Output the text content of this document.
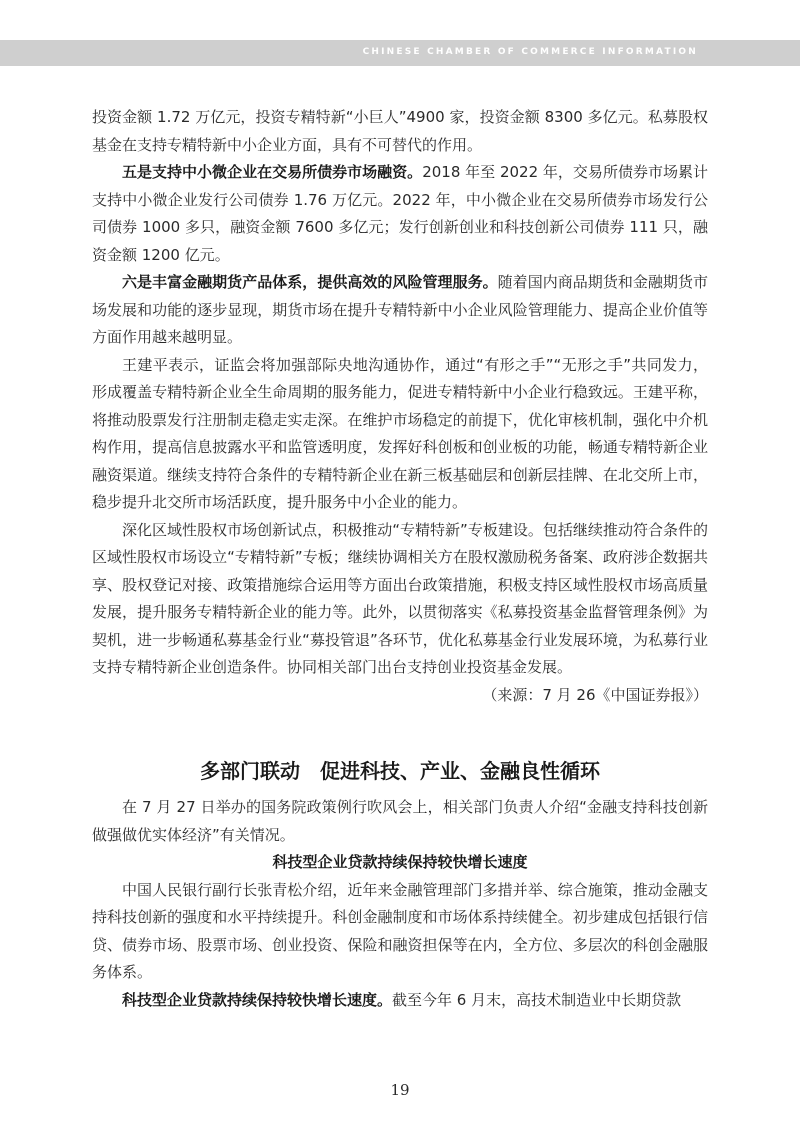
CHINESE CHAMBER OF COMMERCE INFORMATION

投资金额 1.72 万亿元，投资专精特新“小巨人”4900 家，投资金额 8300 多亿元。私募股权基金在支持专精特新中小企业方面，具有不可替代的作用。

五是支持中小微企业在交易所债券市场融资。2018 年至 2022 年，交易所债券市场累计支持中小微企业发行公司债券 1.76 万亿元。2022 年，中小微企业在交易所债券市场发行公司债券 1000 多只，融资金额 7600 多亿元；发行创新创业和科技创新公司债券 111 只，融资金额 1200 亿元。

六是丰富金融期货产品体系，提供高效的风险管理服务。随着国内商品期货和金融期货市场发展和功能的逐步显现，期货市场在提升专精特新中小企业风险管理能力、提高企业价值等方面作用越来越明显。

王建平表示，证监会将加强部际央地沟通协作，通过“有形之手”“无形之手”共同发力，形成覆盖专精特新企业全生命周期的服务能力，促进专精特新中小企业行稳致远。王建平称，将推动股票发行注册制走稳走实走深。在维护市场稳定的前提下，优化审核机制，强化中介机构作用，提高信息披露水平和监管透明度，发挥好科创板和创业板的功能，畅通专精特新企业融资渠道。继续支持符合条件的专精特新企业在新三板基础层和创新层挂牌、在北交所上市，稳步提升北交所市场活跃度，提升服务中小企业的能力。

深化区域性股权市场创新试点，积极推动“专精特新”专板建设。包括继续推动符合条件的区域性股权市场设立“专精特新”专板；继续协调相关方在股权激励税务备案、政府涉企数据共享、股权登记对接、政策措施综合运用等方面出台政策措施，积极支持区域性股权市场高质量发展，提升服务专精特新企业的能力等。此外，以贯彻落实《私募投资基金监督管理条例》为契机，进一步畅通私募基金行业“募投管退”各环节，优化私募基金行业发展环境，为私募行业支持专精特新企业创造条件。协同相关部门出台支持创业投资基金发展。

（来源：7 月 26《中国证券报》）

多部门联动　促进科技、产业、金融良性循环

在 7 月 27 日举办的国务院政策例行吹风会上，相关部门负责人介绍“金融支持科技创新 做强做优实体经济”有关情况。

科技型企业贷款持续保持较快增长速度

中国人民银行副行长张青松介绍，近年来金融管理部门多措并举、综合施策，推动金融支持科技创新的强度和水平持续提升。科创金融制度和市场体系持续健全。初步建成包括银行信贷、债券市场、股票市场、创业投资、保险和融资担保等在内，全方位、多层次的科创金融服务体系。

科技型企业贷款持续保持较快增长速度。截至今年 6 月末，高技术制造业中长期贷款

19
